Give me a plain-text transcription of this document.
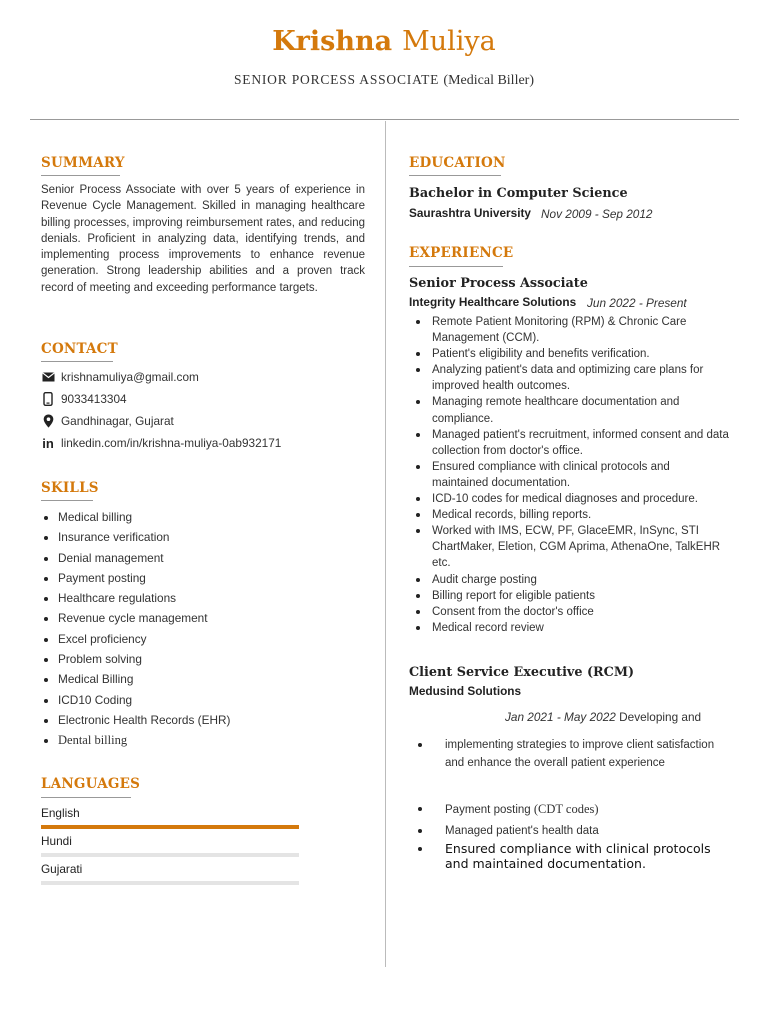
Krishna Muliya
SENIOR PORCESS ASSOCIATE (Medical Biller)
SUMMARY
Senior Process Associate with over 5 years of experience in Revenue Cycle Management. Skilled in managing healthcare billing processes, improving reimbursement rates, and reducing denials. Proficient in analyzing data, identifying trends, and implementing process improvements to enhance revenue generation. Strong leadership abilities and a proven track record of meeting and exceeding performance targets.
CONTACT
krishnamuliya@gmail.com
9033413304
Gandhinagar, Gujarat
in linkedin.com/in/krishna-muliya-0ab932171
SKILLS
Medical billing
Insurance verification
Denial management
Payment posting
Healthcare regulations
Revenue cycle management
Excel proficiency
Problem solving
Medical Billing
ICD10 Coding
Electronic Health Records (EHR)
Dental billing
LANGUAGES
English
Hundi
Gujarati
EDUCATION
Bachelor in Computer Science
Saurashtra University Nov 2009 - Sep 2012
EXPERIENCE
Senior Process Associate
Integrity Healthcare Solutions Jun 2022 - Present
Remote Patient Monitoring (RPM) & Chronic Care Management (CCM).
Patient's eligibility and benefits verification.
Analyzing patient's data and optimizing care plans for improved health outcomes.
Managing remote healthcare documentation and compliance.
Managed patient's recruitment, informed consent and data collection from doctor's office.
Ensured compliance with clinical protocols and maintained documentation.
ICD-10 codes for medical diagnoses and procedure.
Medical records, billing reports.
Worked with IMS, ECW, PF, GlaceEMR, InSync, STI ChartMaker, Eletion, CGM Aprima, AthenaOne, TalkEHR etc.
Audit charge posting
Billing report for eligible patients
Consent from the doctor's office
Medical record review
Client Service Executive (RCM)
Medusind Solutions
Jan 2021 - May 2022 Developing and
implementing strategies to improve client satisfaction and enhance the overall patient experience
Payment posting (CDT codes)
Managed patient's health data
Ensured compliance with clinical protocols and maintained documentation.
